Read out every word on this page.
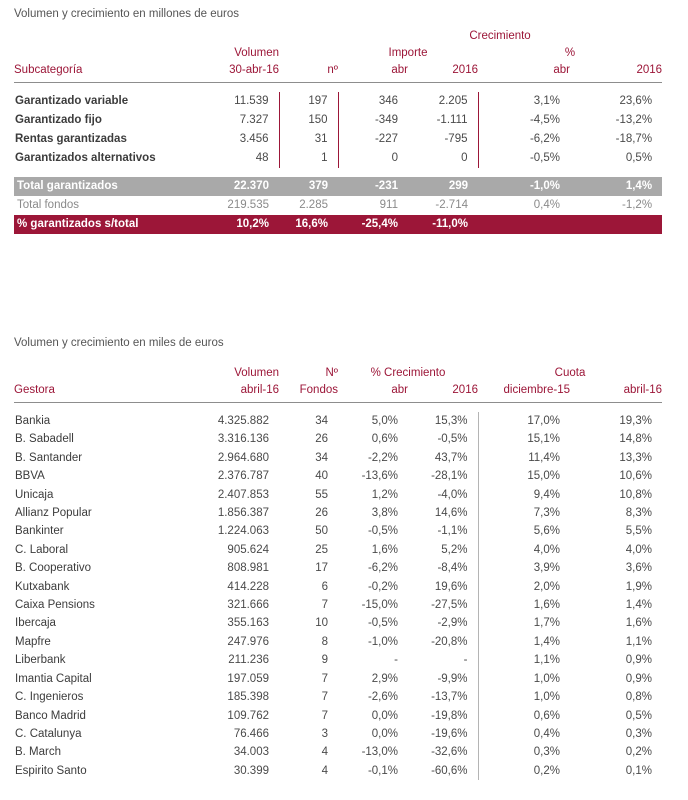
Volumen y crecimiento en millones de euros
			Crecimiento			
	Volumen		Importe		%	
Subcategoría	30-abr-16	nº	abr	2016	abr	2016

Garantizado variable	11.539	197	346	2.205	3,1%	23,6%
Garantizado fijo	7.327	150	-349	-1.111	-4,5%	-13,2%
Rentas garantizadas	3.456	31	-227	-795	-6,2%	-18,7%
Garantizados alternativos	48	1	0	0	-0,5%	0,5%

Total garantizados	22.370	379	-231	299	-1,0%	1,4%
Total fondos	219.535	2.285	911	-2.714	0,4%	-1,2%
% garantizados s/total	10,2%	16,6%	-25,4%	-11,0%		
Volumen y crecimiento en miles de euros
	Volumen	Nº	% Crecimiento		Cuota	
Gestora	abril-16	Fondos	abr	2016	diciembre-15	abril-16

Bankia	4.325.882	34	5,0%	15,3%	17,0%	19,3%
B. Sabadell	3.316.136	26	0,6%	-0,5%	15,1%	14,8%
B. Santander	2.964.680	34	-2,2%	43,7%	11,4%	13,3%
BBVA	2.376.787	40	-13,6%	-28,1%	15,0%	10,6%
Unicaja	2.407.853	55	1,2%	-4,0%	9,4%	10,8%
Allianz Popular	1.856.387	26	3,8%	14,6%	7,3%	8,3%
Bankinter	1.224.063	50	-0,5%	-1,1%	5,6%	5,5%
C. Laboral	905.624	25	1,6%	5,2%	4,0%	4,0%
B. Cooperativo	808.981	17	-6,2%	-8,4%	3,9%	3,6%
Kutxabank	414.228	6	-0,2%	19,6%	2,0%	1,9%
Caixa Pensions	321.666	7	-15,0%	-27,5%	1,6%	1,4%
Ibercaja	355.163	10	-0,5%	-2,9%	1,7%	1,6%
Mapfre	247.976	8	-1,0%	-20,8%	1,4%	1,1%
Liberbank	211.236	9	-	-	1,1%	0,9%
Imantia Capital	197.059	7	2,9%	-9,9%	1,0%	0,9%
C. Ingenieros	185.398	7	-2,6%	-13,7%	1,0%	0,8%
Banco Madrid	109.762	7	0,0%	-19,8%	0,6%	0,5%
C. Catalunya	76.466	3	0,0%	-19,6%	0,4%	0,3%
B. March	34.003	4	-13,0%	-32,6%	0,3%	0,2%
Espirito Santo	30.399	4	-0,1%	-60,6%	0,2%	0,1%
